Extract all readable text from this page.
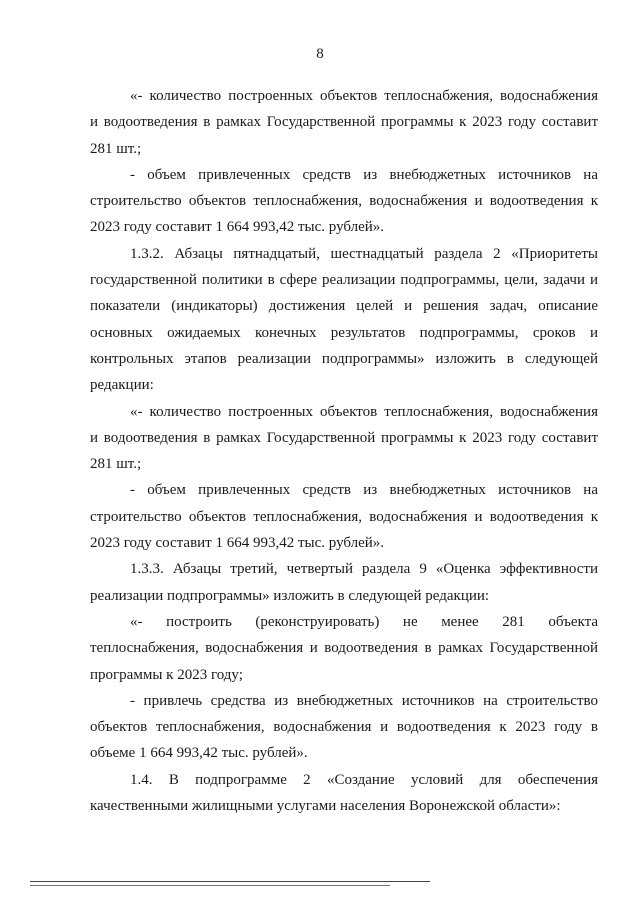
8
«- количество построенных объектов теплоснабжения, водоснабжения
и водоотведения в рамках Государственной программы к 2023 году составит
281 шт.;
- объем привлеченных средств из внебюджетных источников на
строительство объектов теплоснабжения, водоснабжения и водоотведения к
2023 году составит 1 664 993,42 тыс. рублей».
1.3.2. Абзацы пятнадцатый, шестнадцатый раздела 2 «Приоритеты
государственной политики в сфере реализации подпрограммы, цели, задачи и
показатели (индикаторы) достижения целей и решения задач, описание
основных ожидаемых конечных результатов подпрограммы, сроков и
контрольных этапов реализации подпрограммы» изложить в следующей
редакции:
«- количество построенных объектов теплоснабжения, водоснабжения
и водоотведения в рамках Государственной программы к 2023 году составит
281 шт.;
- объем привлеченных средств из внебюджетных источников на
строительство объектов теплоснабжения, водоснабжения и водоотведения к
2023 году составит 1 664 993,42 тыс. рублей».
1.3.3. Абзацы третий, четвертый раздела 9 «Оценка эффективности
реализации подпрограммы» изложить в следующей редакции:
«- построить (реконструировать) не менее 281 объекта
теплоснабжения, водоснабжения и водоотведения в рамках Государственной
программы к 2023 году;
- привлечь средства из внебюджетных источников на строительство
объектов теплоснабжения, водоснабжения и водоотведения к 2023 году в
объеме 1 664 993,42 тыс. рублей».
1.4. В подпрограмме 2 «Создание условий для обеспечения
качественными жилищными услугами населения Воронежской области»:
